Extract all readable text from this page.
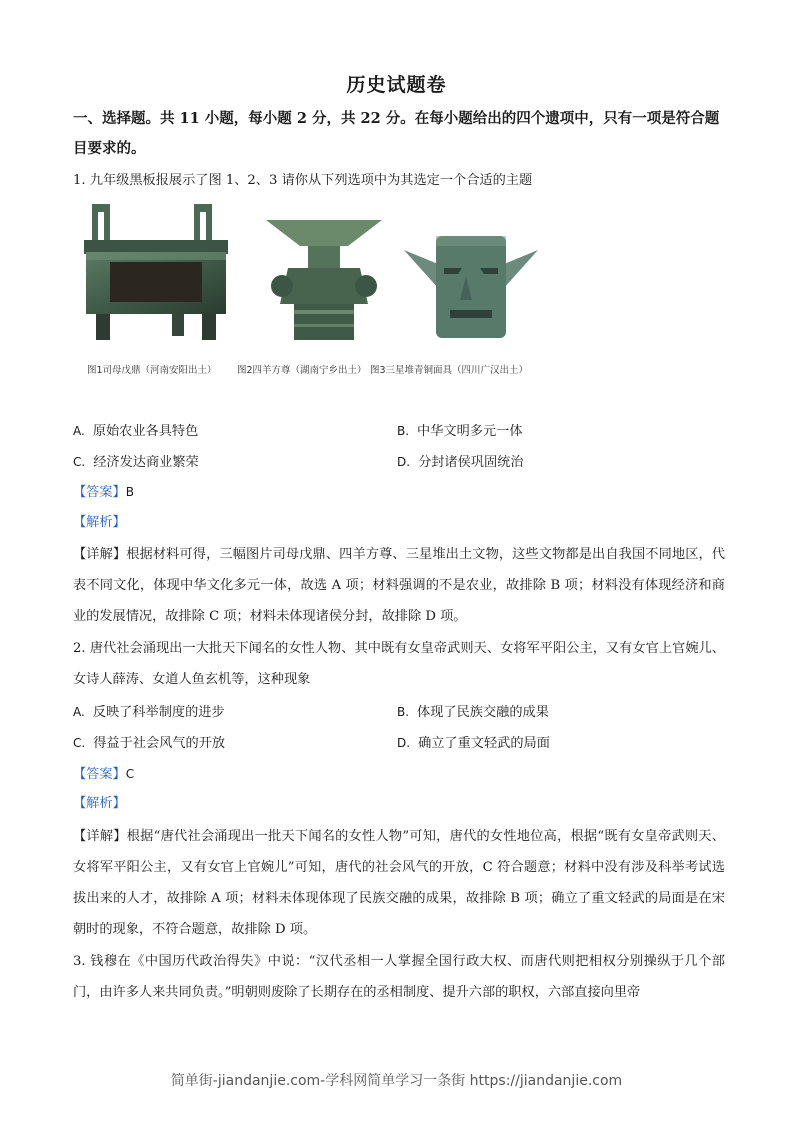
历史试题卷
一、选择题。共 11 小题，每小题 2 分，共 22 分。在每小题给出的四个遗项中，只有一项是符合题目要求的。
1. 九年级黑板报展示了图 1、2、3 请你从下列选项中为其选定一个合适的主题
图1司母戊鼎（河南安阳出土） 图2四羊方尊（湖南宁乡出土） 图3三星堆青铜面具（四川广汉出土）
A. 原始农业各具特色	B. 中华文明多元一体
C. 经济发达商业繁荣	D. 分封诸侯巩固统治
【答案】B
【解析】
【详解】根据材料可得，三幅图片司母戊鼎、四羊方尊、三星堆出土文物，这些文物都是出自我国不同地区，代表不同文化，体现中华文化多元一体，故选 A 项；材料强调的不是农业，故排除 B 项；材料没有体现经济和商业的发展情况，故排除 C 项；材料未体现诸侯分封，故排除 D 项。
2. 唐代社会涌现出一大批天下闻名的女性人物、其中既有女皇帝武则天、女将军平阳公主，又有女官上官婉儿、女诗人薛涛、女道人鱼玄机等，这种现象
A. 反映了科举制度的进步	B. 体现了民族交融的成果
C. 得益于社会风气的开放	D. 确立了重文轻武的局面
【答案】C
【解析】
【详解】根据“唐代社会涌现出一批天下闻名的女性人物”可知，唐代的女性地位高，根据“既有女皇帝武则天、女将军平阳公主，又有女官上官婉儿”可知，唐代的社会风气的开放，C 符合题意；材料中没有涉及科举考试选拔出来的人才，故排除 A 项；材料未体现体现了民族交融的成果，故排除 B 项；确立了重文轻武的局面是在宋朝时的现象，不符合题意，故排除 D 项。
3. 钱穆在《中国历代政治得失》中说：“汉代丞相一人掌握全国行政大权、而唐代则把相权分别操纵于几个部门，由许多人来共同负责。”明朝则废除了长期存在的丞相制度、提升六部的职权，六部直接向里帝
简单街-jiandanjie.com-学科网简单学习一条街 https://jiandanjie.com
